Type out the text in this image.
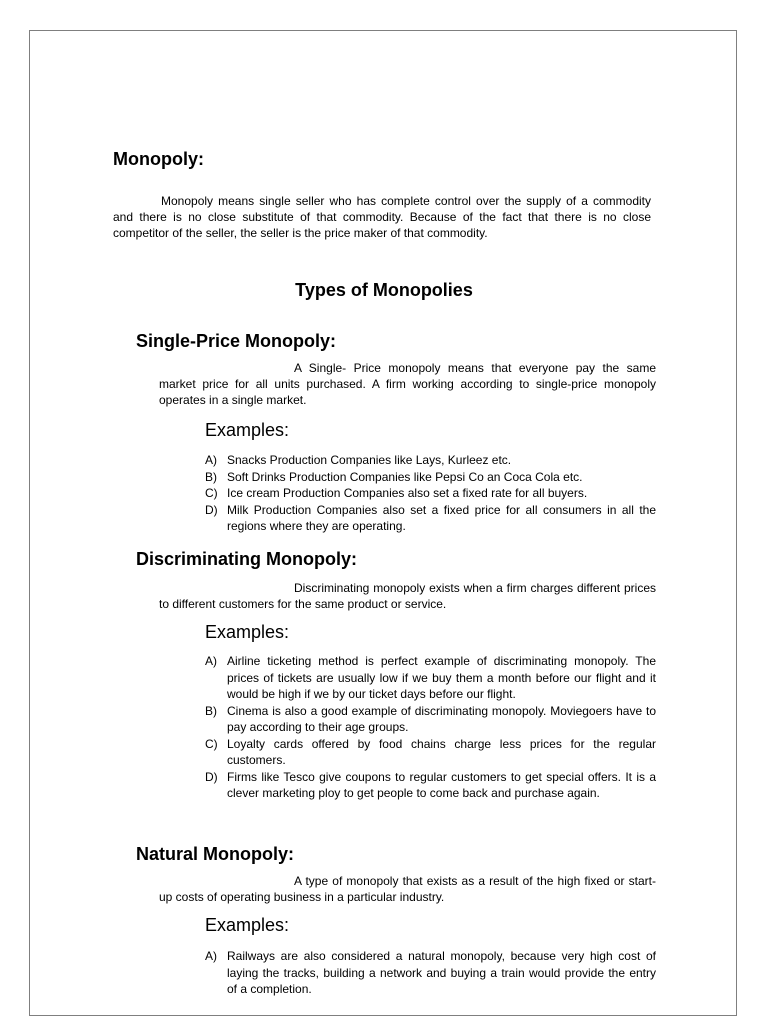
Monopoly:

Monopoly means single seller who has complete control over the supply of a commodity and there is no close substitute of that commodity. Because of the fact that there is no close competitor of the seller, the seller is the price maker of that commodity.

Types of Monopolies
Single-Price Monopoly:

A Single- Price monopoly means that everyone pay the same market price for all units purchased. A firm working according to single-price monopoly operates in a single market.

Examples:
A) Snacks Production Companies like Lays, Kurleez etc.
B) Soft Drinks Production Companies like Pepsi Co an Coca Cola etc.
C) Ice cream Production Companies also set a fixed rate for all buyers.
D) Milk Production Companies also set a fixed price for all consumers in all the regions where they are operating.
Discriminating Monopoly:

Discriminating monopoly exists when a firm charges different prices to different customers for the same product or service.

Examples:
A) Airline ticketing method is perfect example of discriminating monopoly. The prices of tickets are usually low if we buy them a month before our flight and it would be high if we by our ticket days before our flight.
B) Cinema is also a good example of discriminating monopoly. Moviegoers have to pay according to their age groups.
C) Loyalty cards offered by food chains charge less prices for the regular customers.
D) Firms like Tesco give coupons to regular customers to get special offers. It is a clever marketing ploy to get people to come back and purchase again.
Natural Monopoly:

A type of monopoly that exists as a result of the high fixed or start-up costs of operating business in a particular industry.

Examples:
A) Railways are also considered a natural monopoly, because very high cost of laying the tracks, building a network and buying a train would provide the entry of a completion.
